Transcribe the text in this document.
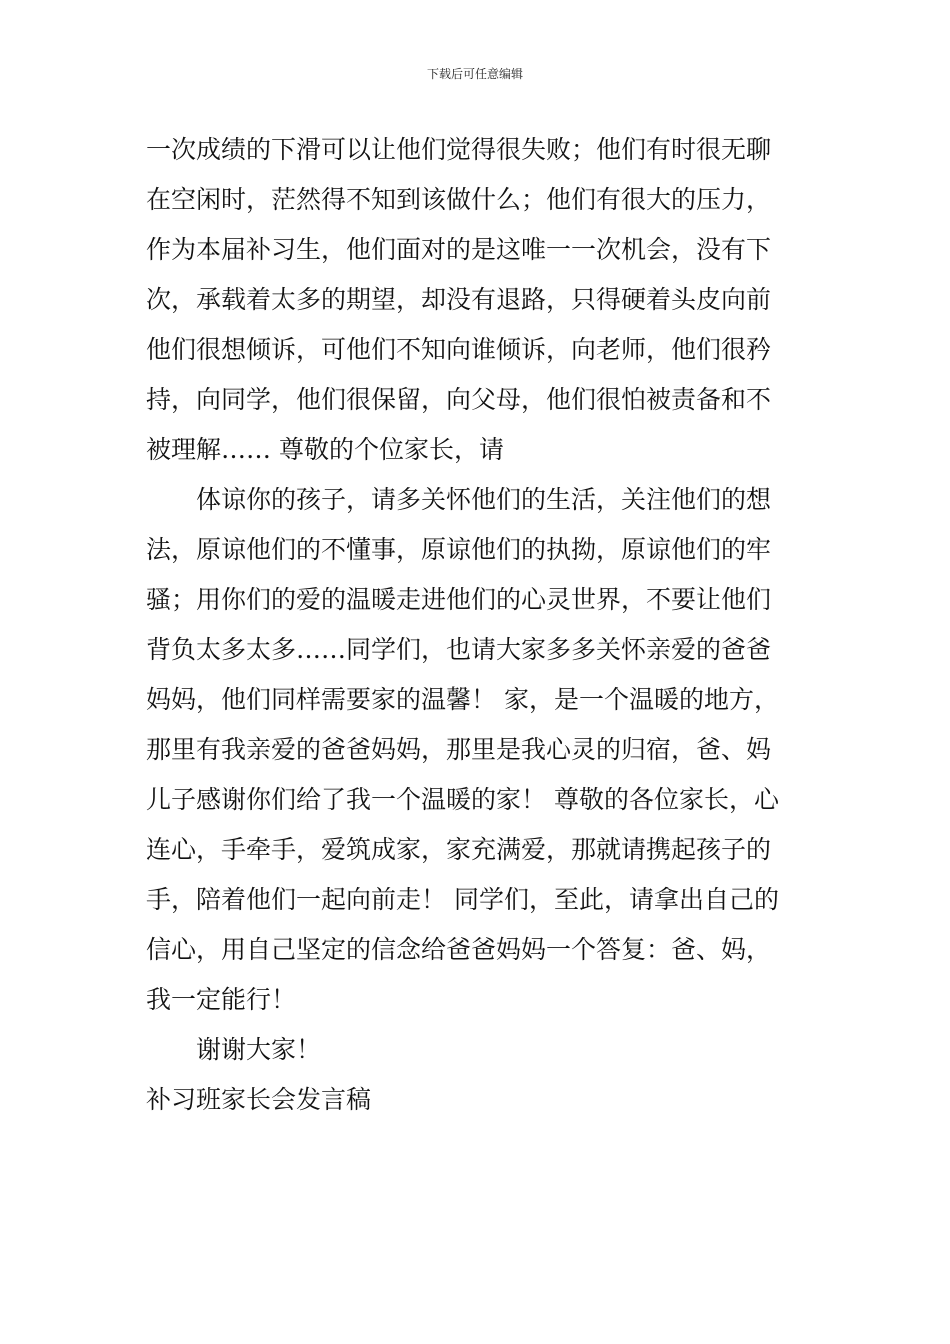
下载后可任意编辑
一次成绩的下滑可以让他们觉得很失败；他们有时很无聊
在空闲时，茫然得不知到该做什么；他们有很大的压力，
作为本届补习生，他们面对的是这唯一一次机会，没有下
次，承载着太多的期望，却没有退路，只得硬着头皮向前
他们很想倾诉，可他们不知向谁倾诉，向老师，他们很矜
持，向同学，他们很保留，向父母，他们很怕被责备和不
被理解…… 尊敬的个位家长，请
体谅你的孩子，请多关怀他们的生活，关注他们的想
法，原谅他们的不懂事，原谅他们的执拗，原谅他们的牢
骚；用你们的爱的温暖走进他们的心灵世界，不要让他们
背负太多太多……同学们，也请大家多多关怀亲爱的爸爸
妈妈，他们同样需要家的温馨！ 家，是一个温暖的地方，
那里有我亲爱的爸爸妈妈，那里是我心灵的归宿，爸、妈
儿子感谢你们给了我一个温暖的家！ 尊敬的各位家长，心
连心，手牵手，爱筑成家，家充满爱，那就请携起孩子的
手，陪着他们一起向前走！ 同学们，至此，请拿出自己的
信心，用自己坚定的信念给爸爸妈妈一个答复：爸、妈，
我一定能行！
谢谢大家！
补习班家长会发言稿
